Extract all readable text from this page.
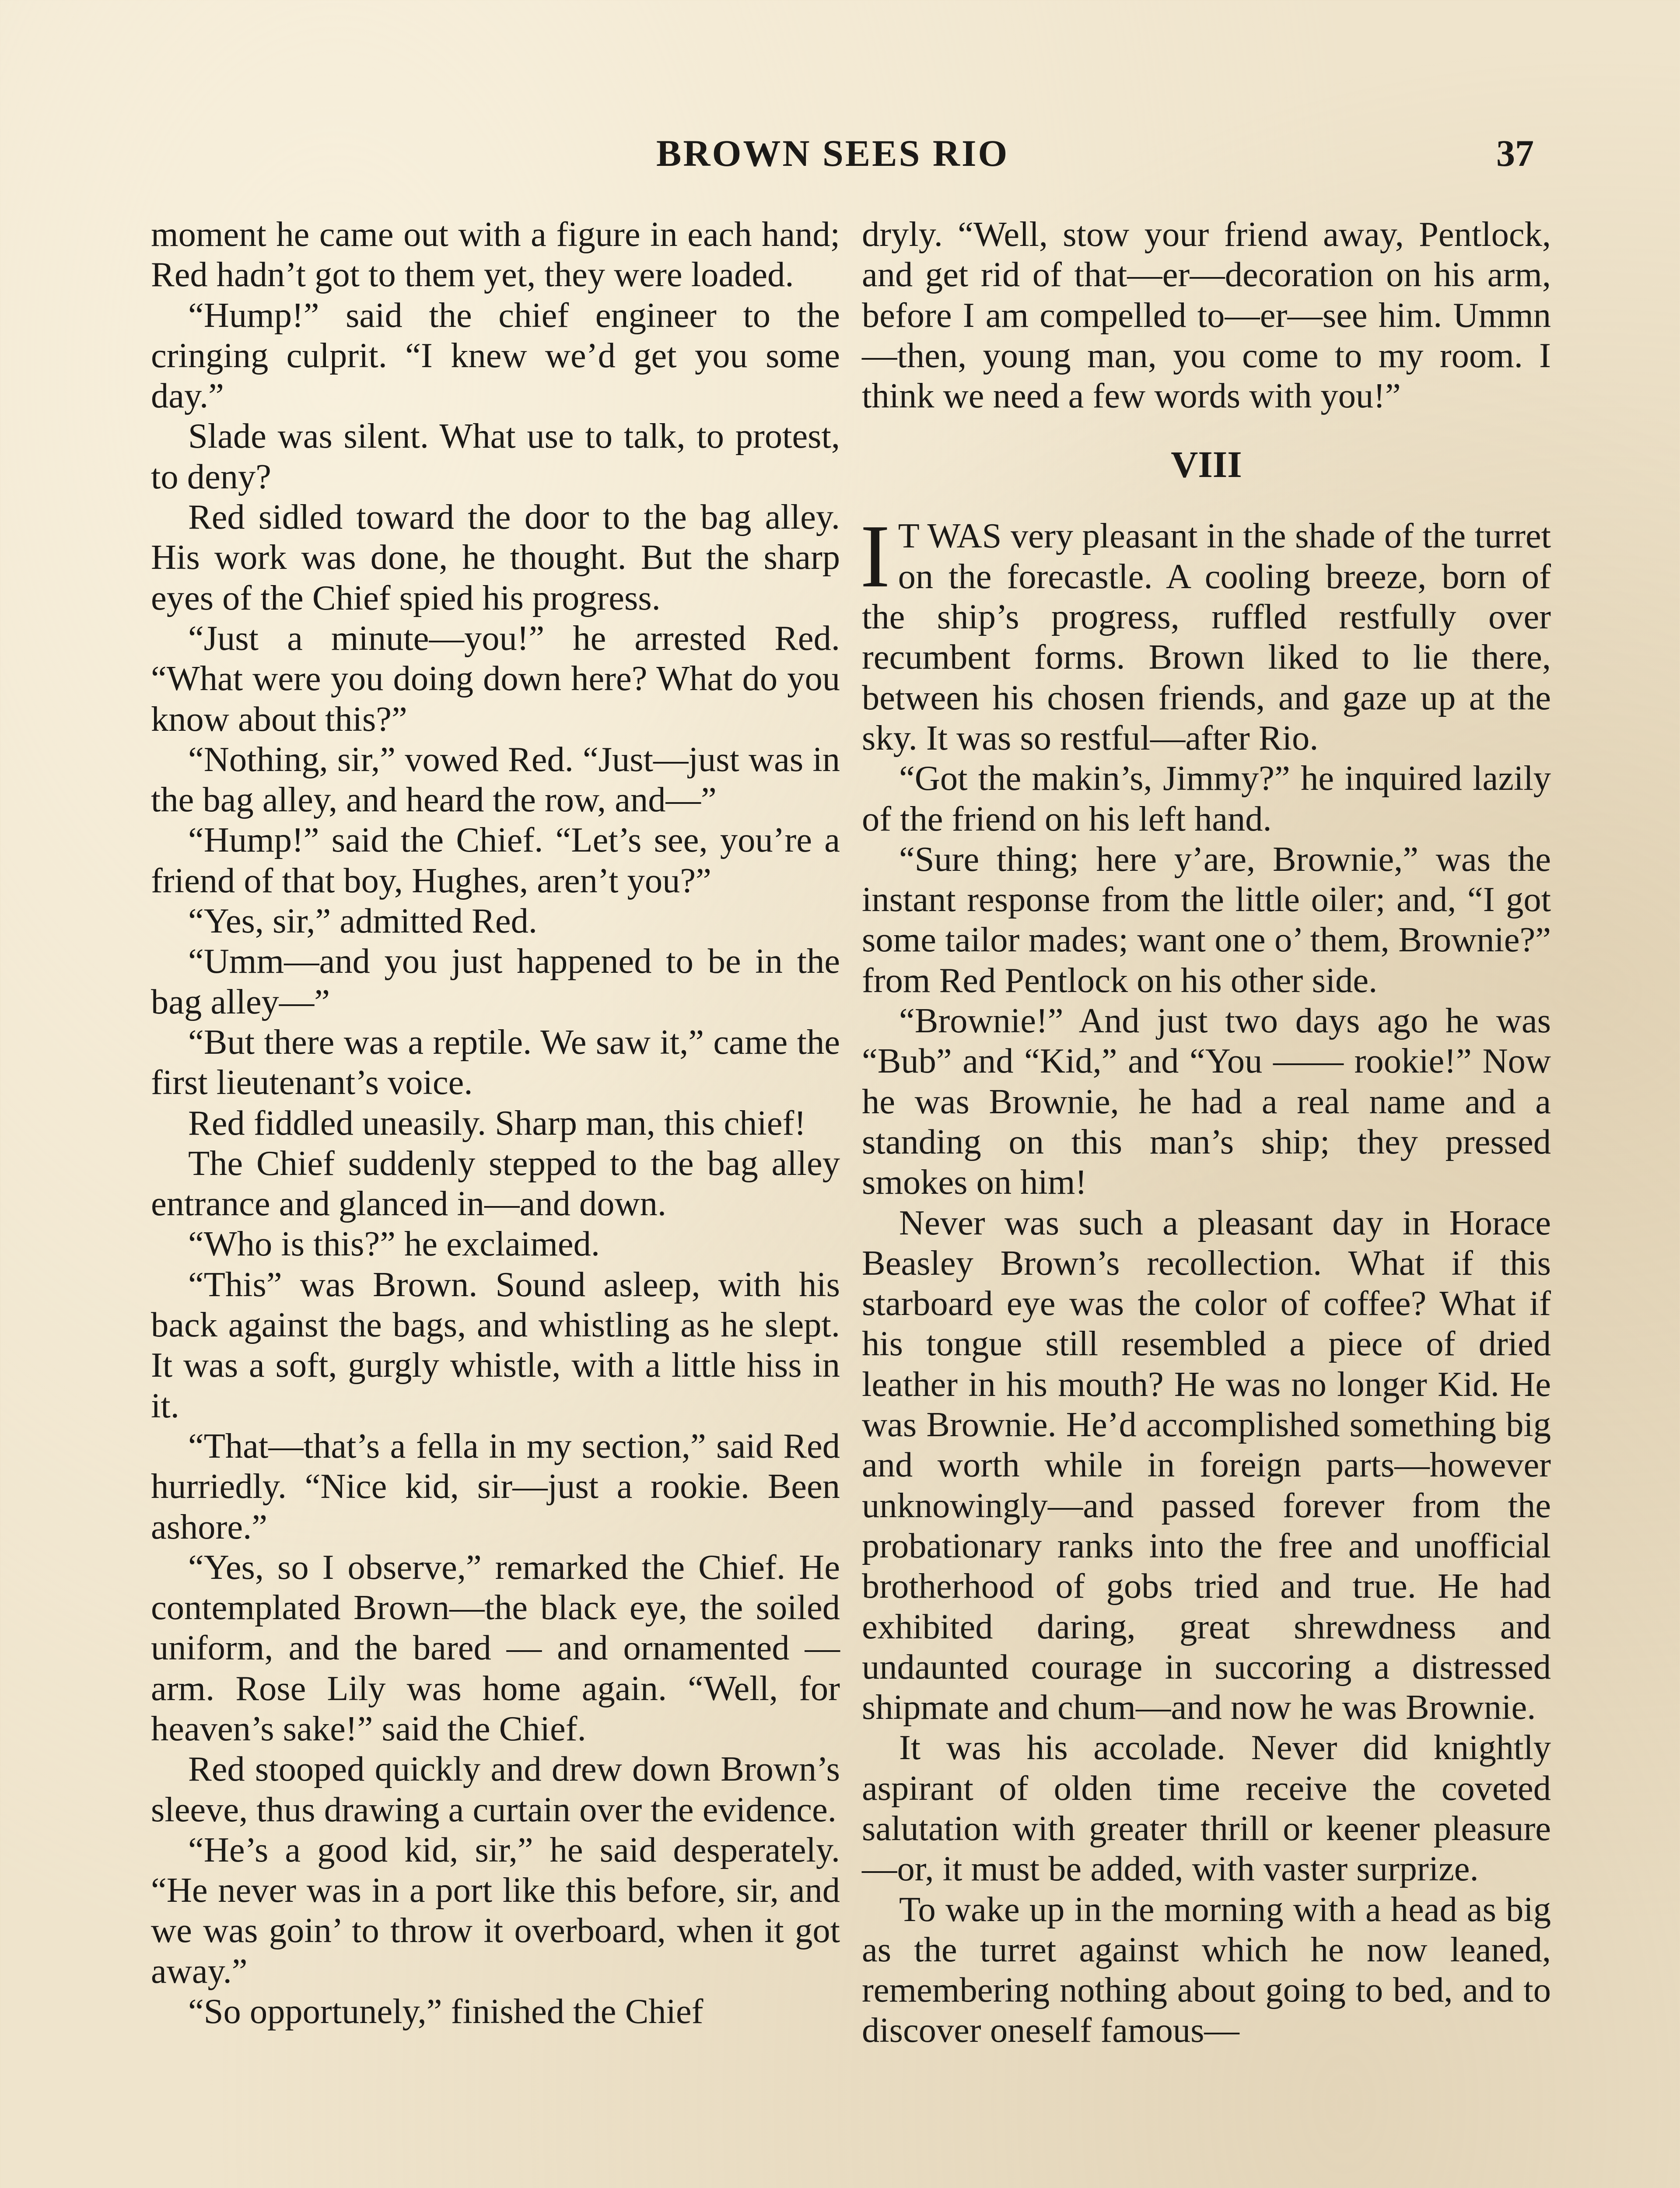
BROWN SEES RIO	37

moment he came out with a figure in each hand; Red hadn’t got to them yet, they were loaded.

“Hump!” said the chief engineer to the cringing culprit. “I knew we’d get you some day.”

Slade was silent. What use to talk, to protest, to deny?

Red sidled toward the door to the bag alley. His work was done, he thought. But the sharp eyes of the Chief spied his progress.

“Just a minute—you!” he arrested Red. “What were you doing down here? What do you know about this?”

“Nothing, sir,” vowed Red. “Just—just was in the bag alley, and heard the row, and—”

“Hump!” said the Chief. “Let’s see, you’re a friend of that boy, Hughes, aren’t you?”

“Yes, sir,” admitted Red.

“Umm—and you just happened to be in the bag alley—”

“But there was a reptile. We saw it,” came the first lieutenant’s voice.

Red fiddled uneasily. Sharp man, this chief!

The Chief suddenly stepped to the bag alley entrance and glanced in—and down.

“Who is this?” he exclaimed.

“This” was Brown. Sound asleep, with his back against the bags, and whistling as he slept. It was a soft, gurgly whistle, with a little hiss in it.

“That—that’s a fella in my section,” said Red hurriedly. “Nice kid, sir—just a rookie. Been ashore.”

“Yes, so I observe,” remarked the Chief. He contemplated Brown—the black eye, the soiled uniform, and the bared — and ornamented — arm. Rose Lily was home again. “Well, for heaven’s sake!” said the Chief.

Red stooped quickly and drew down Brown’s sleeve, thus drawing a curtain over the evidence.

“He’s a good kid, sir,” he said desperately. “He never was in a port like this before, sir, and we was goin’ to throw it overboard, when it got away.”

“So opportunely,” finished the Chief

dryly. “Well, stow your friend away, Pentlock, and get rid of that—er—decoration on his arm, before I am compelled to—er—see him. Ummn—then, young man, you come to my room. I think we need a few words with you!”

VIII

I T WAS very pleasant in the shade of the turret on the forecastle. A cooling breeze, born of the ship’s progress, ruffled restfully over recumbent forms. Brown liked to lie there, between his chosen friends, and gaze up at the sky. It was so restful—after Rio.

“Got the makin’s, Jimmy?” he inquired lazily of the friend on his left hand.

“Sure thing; here y’are, Brownie,” was the instant response from the little oiler; and, “I got some tailor mades; want one o’ them, Brownie?” from Red Pentlock on his other side.

“Brownie!” And just two days ago he was “Bub” and “Kid,” and “You —— rookie!” Now he was Brownie, he had a real name and a standing on this man’s ship; they pressed smokes on him!

Never was such a pleasant day in Horace Beasley Brown’s recollection. What if this starboard eye was the color of coffee? What if his tongue still resembled a piece of dried leather in his mouth? He was no longer Kid. He was Brownie. He’d accomplished something big and worth while in foreign parts—however unknowingly—and passed forever from the probationary ranks into the free and unofficial brotherhood of gobs tried and true. He had exhibited daring, great shrewdness and undaunted courage in succoring a distressed shipmate and chum—and now he was Brownie.

It was his accolade. Never did knightly aspirant of olden time receive the coveted salutation with greater thrill or keener pleasure—or, it must be added, with vaster surprize.

To wake up in the morning with a head as big as the turret against which he now leaned, remembering nothing about going to bed, and to discover oneself famous—
